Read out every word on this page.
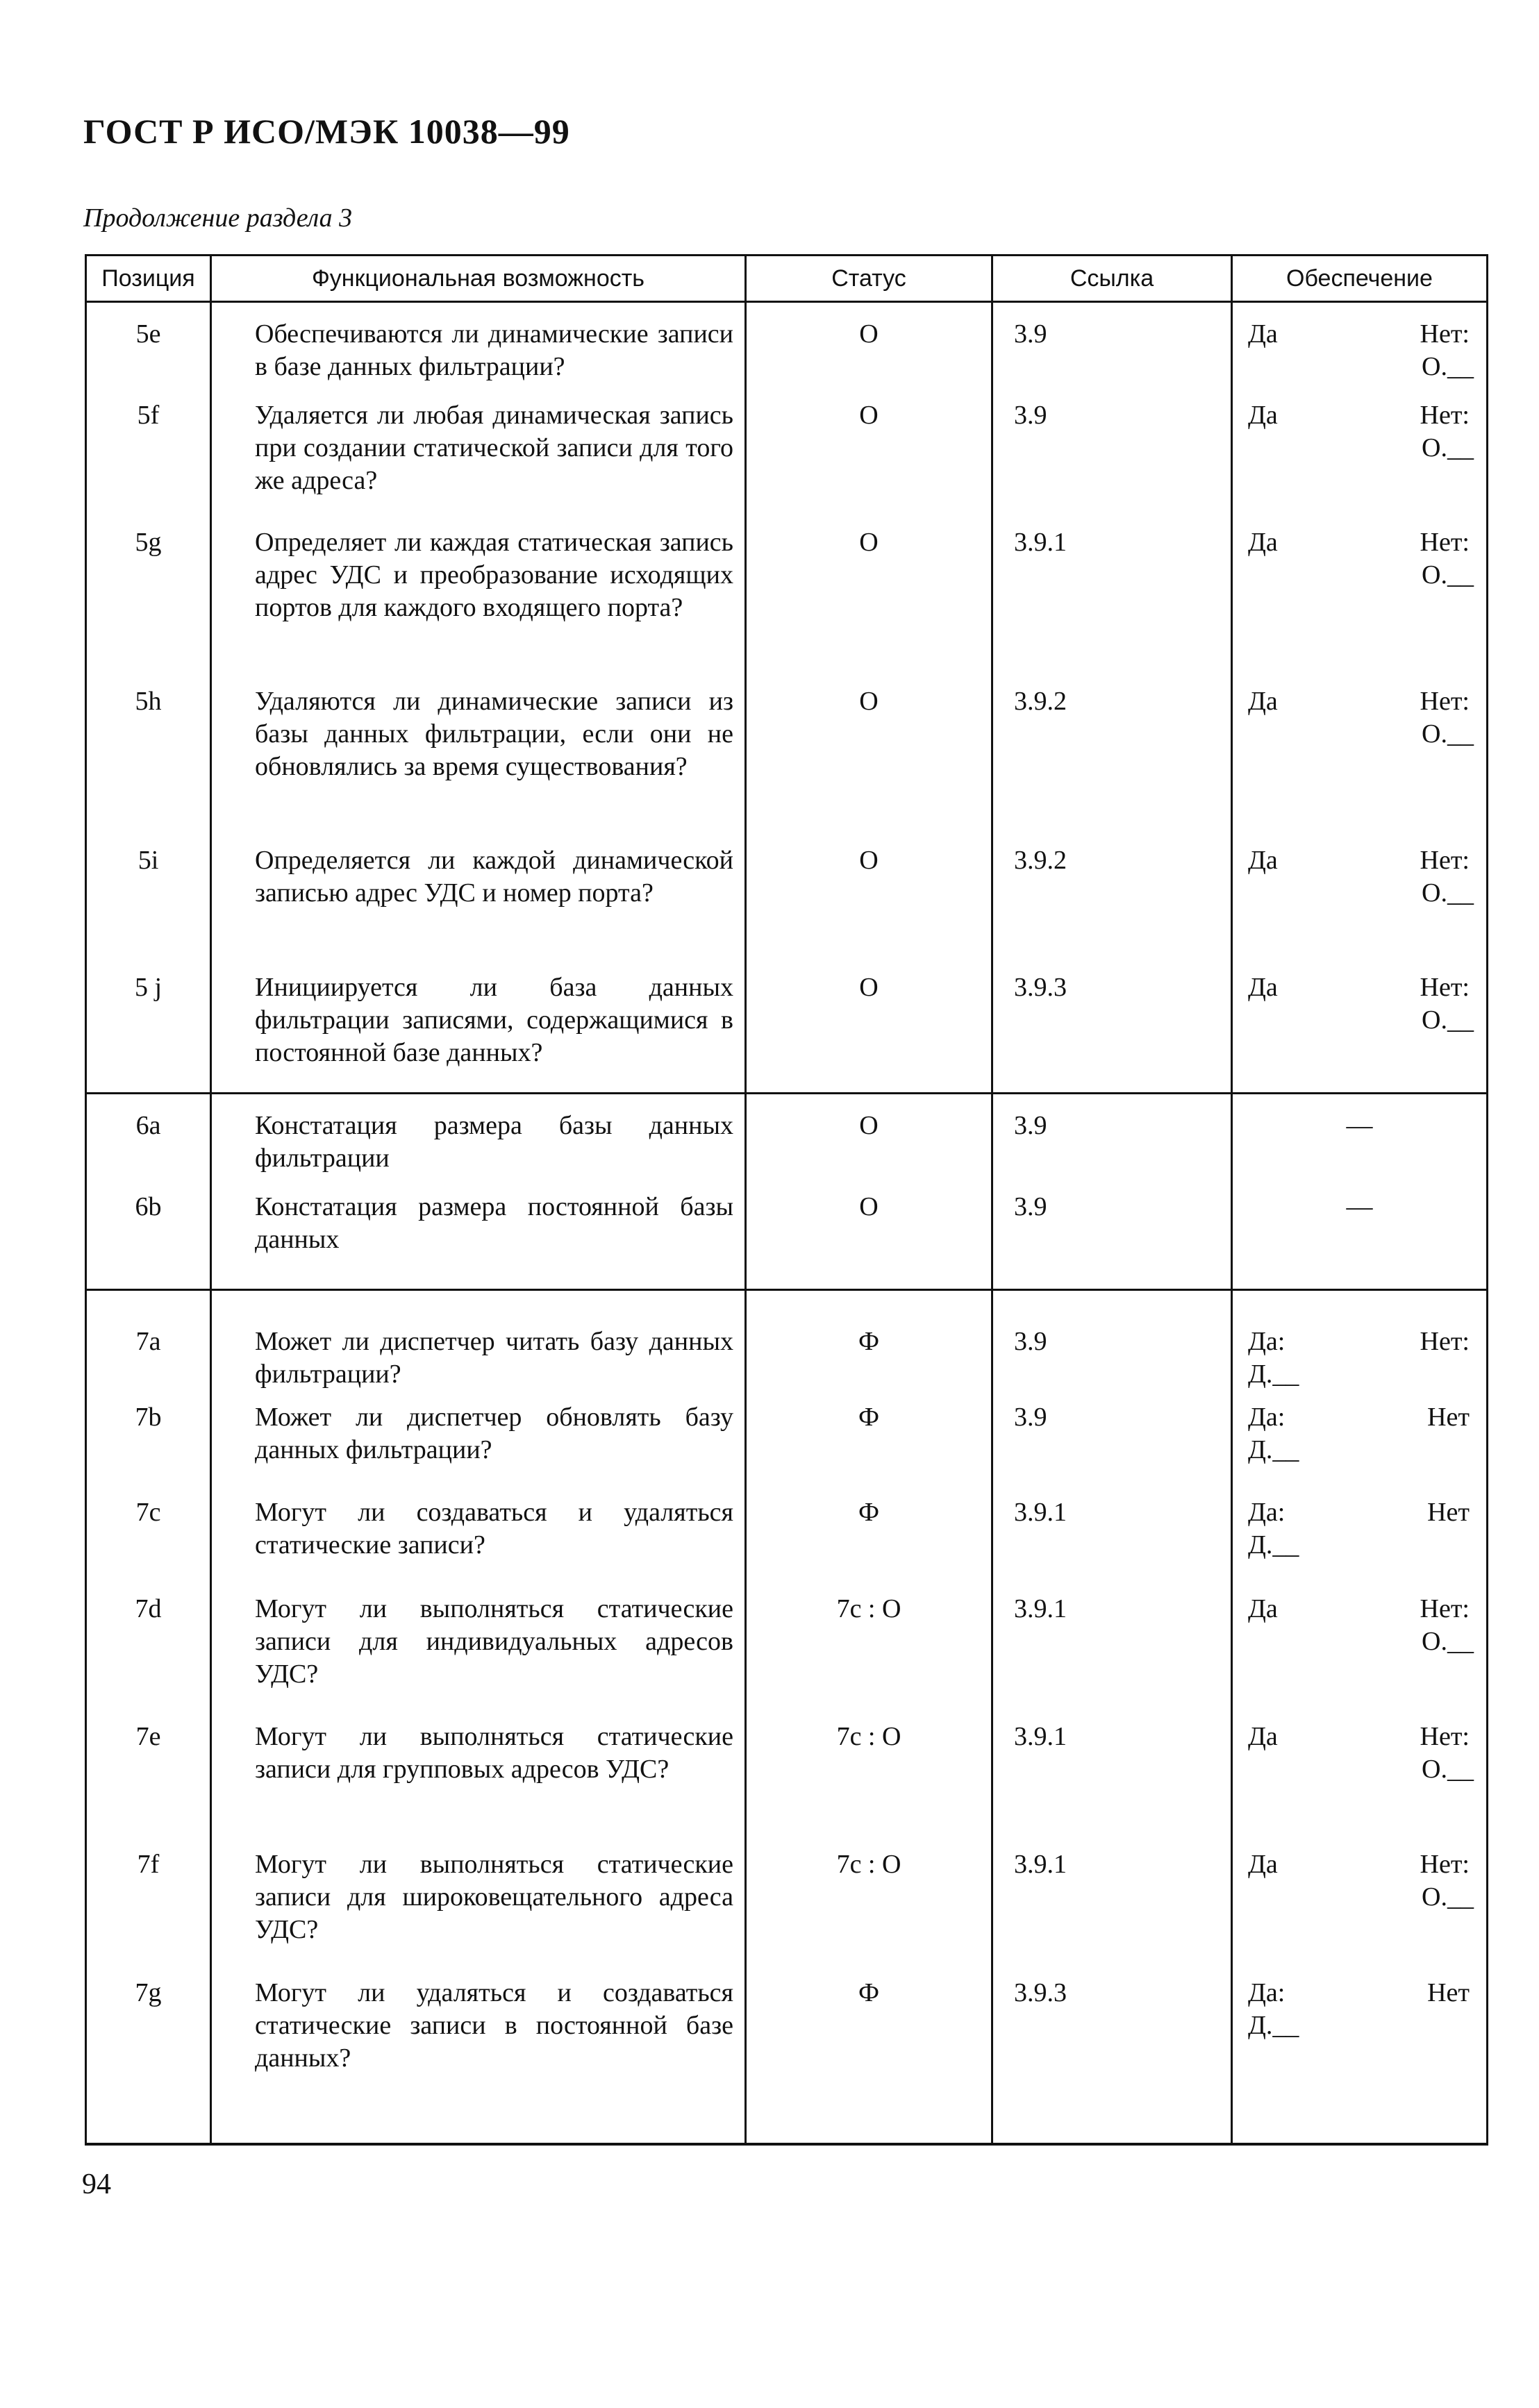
ГОСТ Р ИСО/МЭК 10038—99
Продолжение раздела 3
Позиция	Функциональная возможность	Статус	Ссылка	Обеспечение
5e	Обеспечиваются ли динамические записи в базе данных фильтрации?	О	3.9	Да Нет:
О.__

5f	Удаляется ли любая динамическая запись при создании статической записи для того же адреса?	О	3.9	Да Нет:
О.__

5g	Определяет ли каждая статическая запись адрес УДС и преобразование исходящих портов для каждого входящего порта?	О	3.9.1	Да Нет:
О.__

5h	Удаляются ли динамические записи из базы данных фильтрации, если они не обновлялись за время существования?	О	3.9.2	Да Нет:
О.__

5i	Определяется ли каждой динамической записью адрес УДС и номер порта?	О	3.9.2	Да Нет:
О.__

5 j	Инициируется ли база данных фильтрации записями, содержащимися в постоянной базе данных?	О	3.9.3	Да Нет:
О.__

6a	Констатация размера базы данных фильтрации	О	3.9	—

6b	Констатация размера постоянной базы данных	О	3.9	—

7a	Может ли диспетчер читать базу данных фильтрации?	Ф	3.9	Да: Нет:
Д.__

7b	Может ли диспетчер обновлять базу данных фильтрации?	Ф	3.9	Да: Нет
Д.__

7c	Могут ли создаваться и удаляться статические записи?	Ф	3.9.1	Да: Нет
Д.__

7d	Могут ли выполняться статические записи для индивидуальных адресов УДС?	7с : О	3.9.1	Да Нет:
О.__

7e	Могут ли выполняться статические записи для групповых адресов УДС?	7с : О	3.9.1	Да Нет:
О.__

7f	Могут ли выполняться статические записи для широковещательного адреса УДС?	7с : О	3.9.1	Да Нет:
О.__

7g	Могут ли удаляться и создаваться статические записи в постоянной базе данных?	Ф	3.9.3	Да: Нет
Д.__
94
